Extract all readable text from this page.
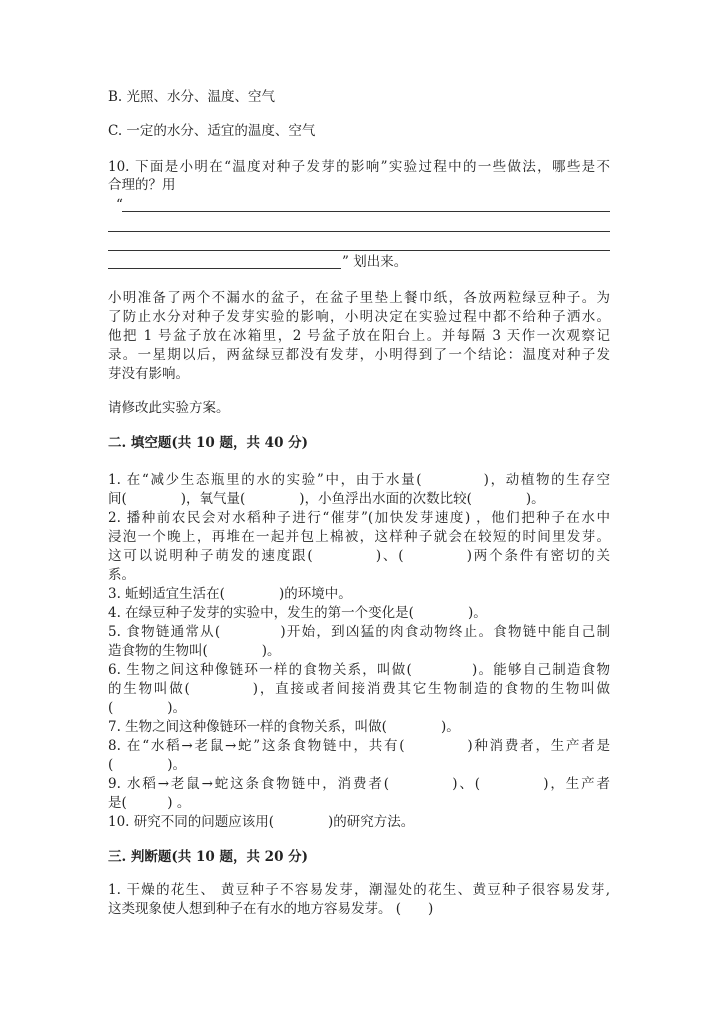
B. 光照、水分、温度、空气
C. 一定的水分、适宜的温度、空气
10. 下面是小明在“温度对种子发芽的影响”实验过程中的一些做法，哪些是不
合理的？用
“
” 划出来。
小明准备了两个不漏水的盆子，在盆子里垫上餐巾纸，各放两粒绿豆种子。为
了防止水分对种子发芽实验的影响，小明决定在实验过程中都不给种子洒水。
他把 1 号盆子放在冰箱里，2 号盆子放在阳台上。并每隔 3 天作一次观察记
录。一星期以后，两盆绿豆都没有发芽，小明得到了一个结论：温度对种子发
芽没有影响。
请修改此实验方案。
二. 填空题(共 10 题，共 40 分)
1. 在“减少生态瓶里的水的实验”中，由于水量(　　　　)，动植物的生存空
间(　　　　)，氧气量(　　　　)，小鱼浮出水面的次数比较(　　　　)。
2. 播种前农民会对水稻种子进行“催芽”(加快发芽速度) ，他们把种子在水中
浸泡一个晚上，再堆在一起并包上棉被，这样种子就会在较短的时间里发芽。
这可以说明种子萌发的速度跟(　　　　)、(　　　　)两个条件有密切的关
系。
3. 蚯蚓适宜生活在(　　　　)的环境中。
4. 在绿豆种子发芽的实验中，发生的第一个变化是(　　　　)。
5. 食物链通常从(　　　　)开始，到凶猛的肉食动物终止。食物链中能自己制
造食物的生物叫(　　　　)。
6. 生物之间这种像链环一样的食物关系，叫做(　　　　)。能够自己制造食物
的生物叫做(　　　　)，直接或者间接消费其它生物制造的食物的生物叫做
(　　　　)。
7. 生物之间这种像链环一样的食物关系，叫做(　　　　)。
8. 在“水稻→老鼠→蛇”这条食物链中，共有(　　　　)种消费者，生产者是
(　　　　)。
9. 水稻→老鼠→蛇这条食物链中，消费者(　　　　)、(　　　　)，生产者
是(　　　) 。
10. 研究不同的问题应该用(　　　　)的研究方法。
三. 判断题(共 10 题，共 20 分)
1. 干燥的花生、 黄豆种子不容易发芽，潮湿处的花生、黄豆种子很容易发芽,
这类现象使人想到种子在有水的地方容易发芽。 (　　)
